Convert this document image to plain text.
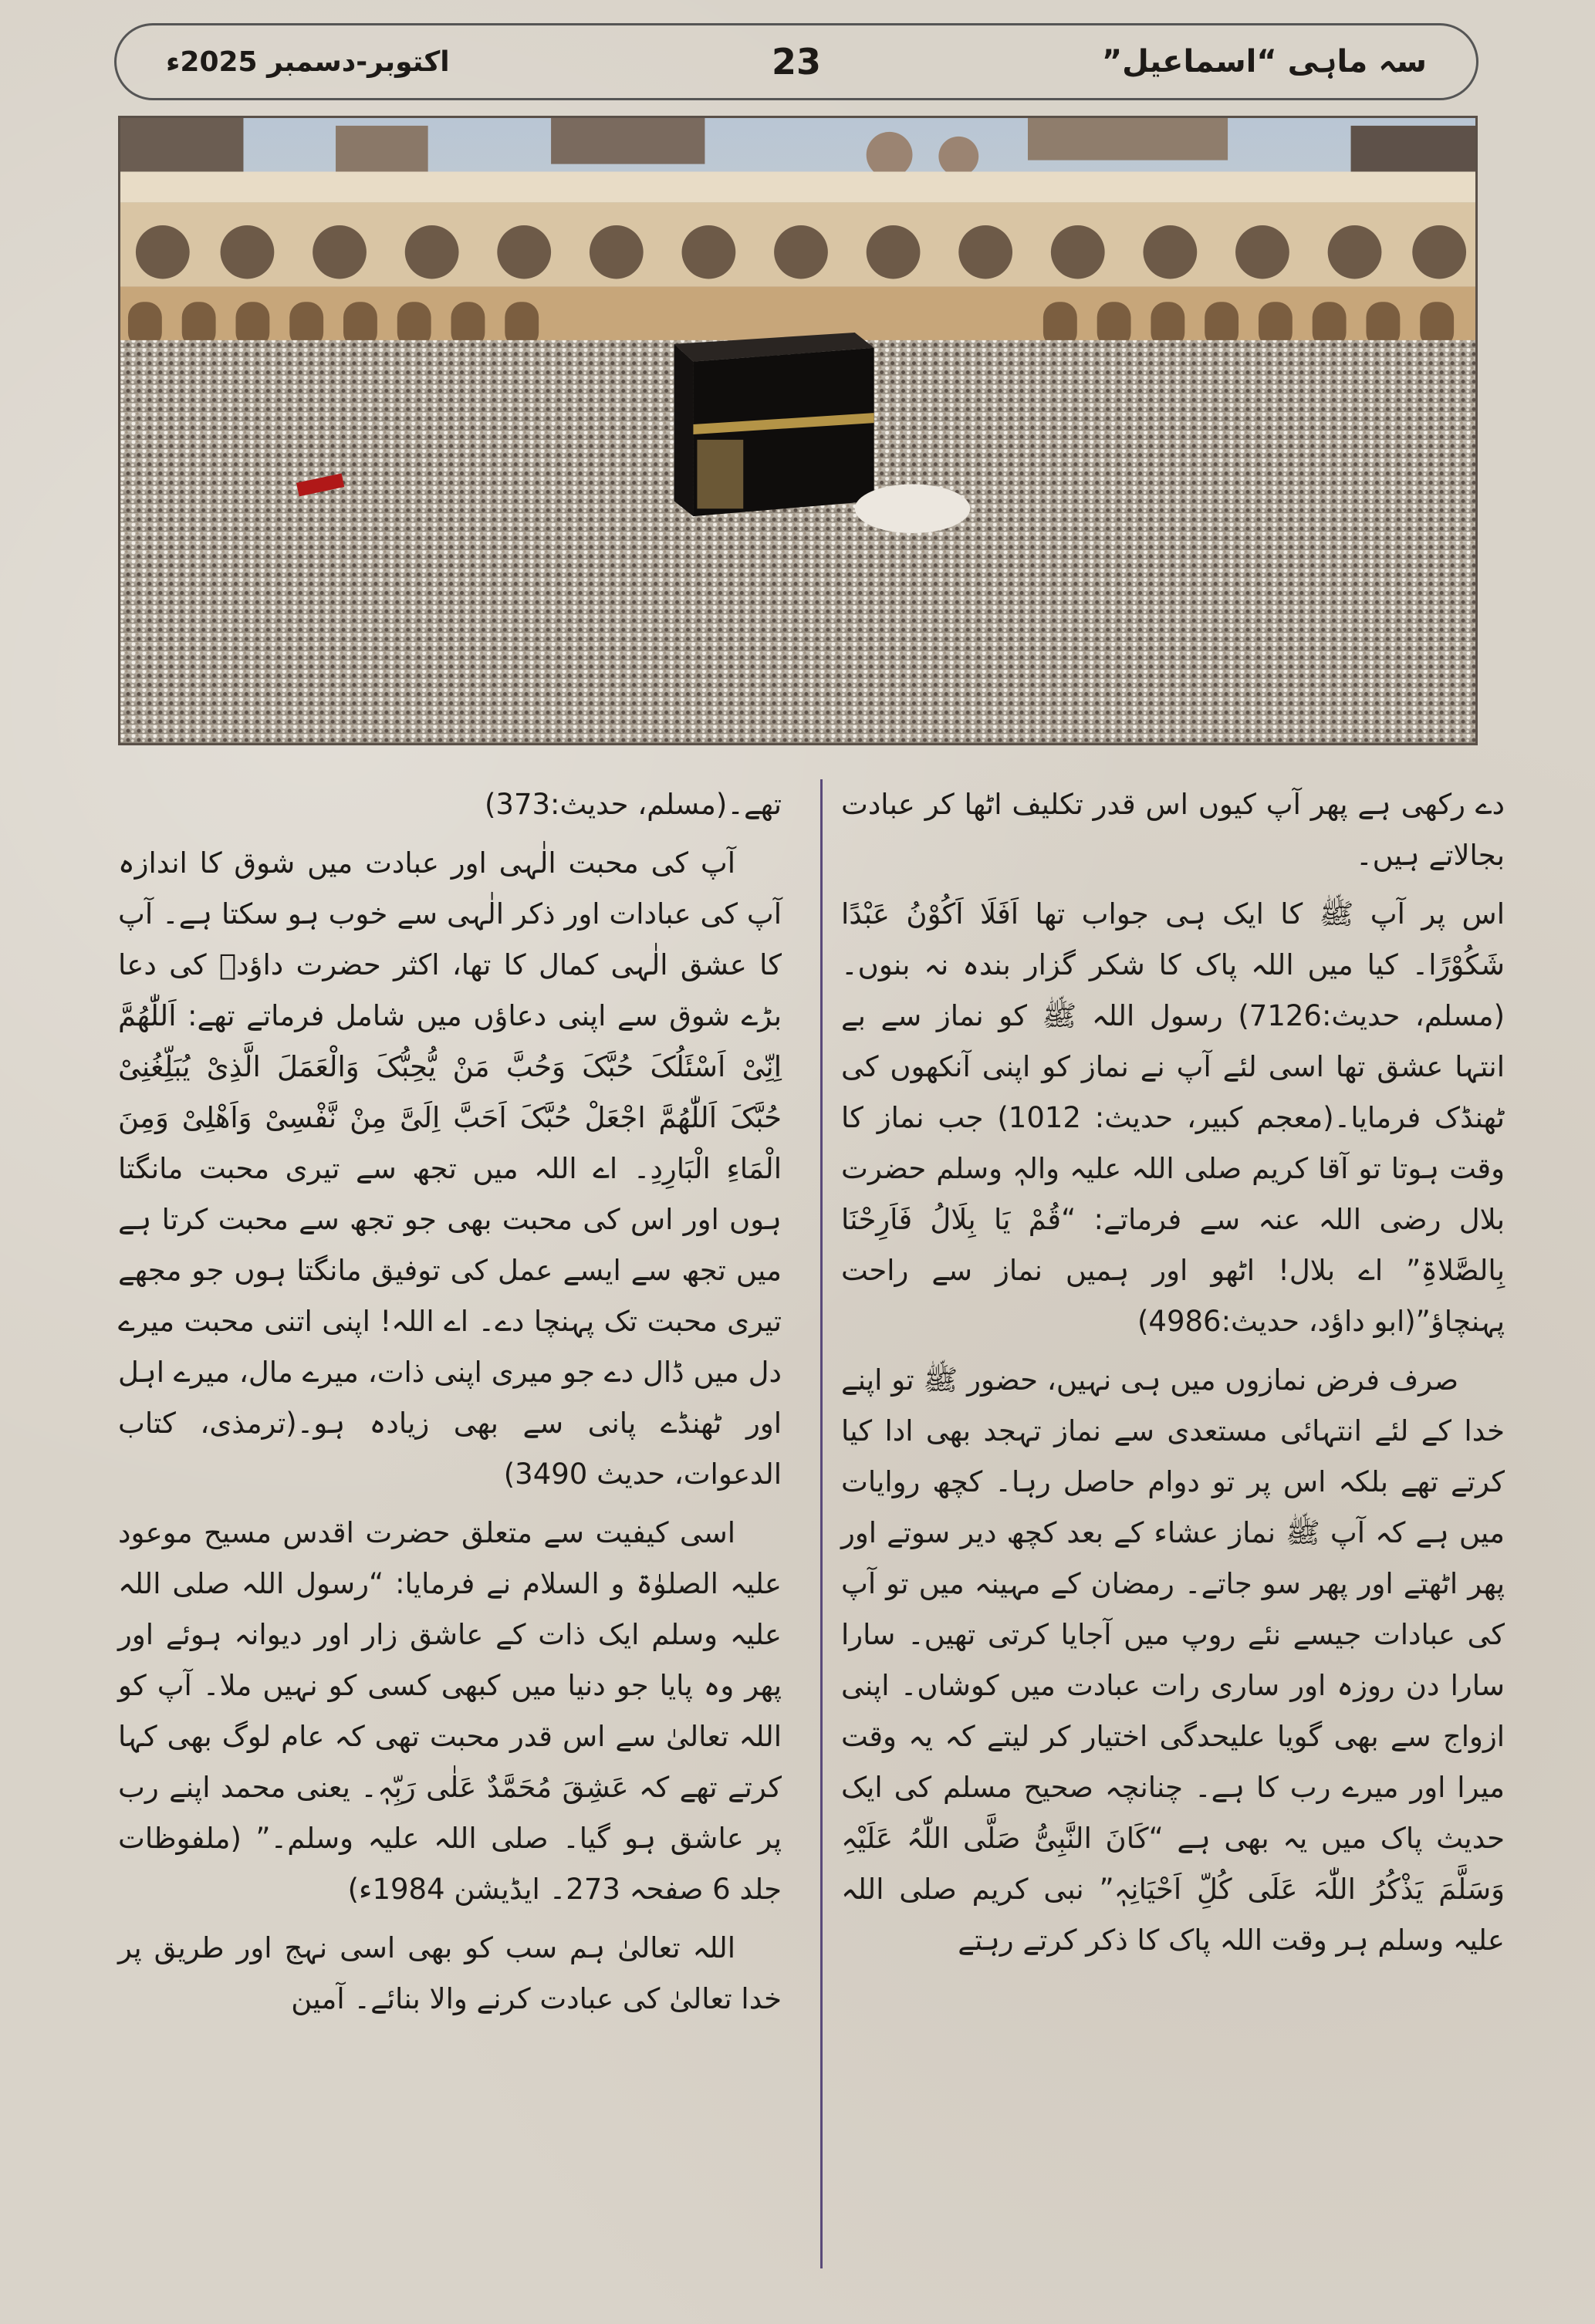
سہ ماہی “اسماعیل”
23
اکتوبر-دسمبر 2025ء

دے رکھی ہے پھر آپ کیوں اس قدر تکلیف اٹھا کر عبادت بجالاتے ہیں۔

اس پر آپ ﷺ کا ایک ہی جواب تھا اَفَلَا اَکُوْنُ عَبْدًا شَکُوْرًا۔ کیا میں اللہ پاک کا شکر گزار بندہ نہ بنوں۔(مسلم، حدیث:7126) رسول اللہ ﷺ کو نماز سے بے انتہا عشق تھا اسی لئے آپ نے نماز کو اپنی آنکھوں کی ٹھنڈک فرمایا۔(معجم کبیر، حدیث: 1012) جب نماز کا وقت ہوتا تو آقا کریم صلی اللہ علیہ والہٖ وسلم حضرت بلال رضی اللہ عنہ سے فرماتے: “قُمْ یَا بِلَالُ فَاَرِحْنَا بِالصَّلاۃِ” اے بلال! اٹھو اور ہمیں نماز سے راحت پہنچاؤ”(ابو داؤد، حدیث:4986)

صرف فرض نمازوں میں ہی نہیں، حضور ﷺ تو اپنے خدا کے لئے انتہائی مستعدی سے نماز تہجد بھی ادا کیا کرتے تھے بلکہ اس پر تو دوام حاصل رہا۔ کچھ روایات میں ہے کہ آپ ﷺ نماز عشاء کے بعد کچھ دیر سوتے اور پھر اٹھتے اور پھر سو جاتے۔ رمضان کے مہینہ میں تو آپ کی عبادات جیسے نئے روپ میں آجایا کرتی تھیں۔ سارا سارا دن روزہ اور ساری رات عبادت میں کوشاں۔ اپنی ازواج سے بھی گویا علیحدگی اختیار کر لیتے کہ یہ وقت میرا اور میرے رب کا ہے۔ چنانچہ صحیح مسلم کی ایک حدیث پاک میں یہ بھی ہے “کَانَ النَّبِیُّ صَلَّی اللّٰہُ عَلَیْہِ وَسَلَّمَ یَذْکُرُ اللّٰہَ عَلَی کُلِّ اَحْیَانِہٖ” نبی کریم صلی اللہ علیہ وسلم ہر وقت اللہ پاک کا ذکر کرتے رہتے

تھے۔(مسلم، حدیث:373)

آپ کی محبت الٰہی اور عبادت میں شوق کا اندازہ آپ کی عبادات اور ذکر الٰہی سے خوب ہو سکتا ہے۔ آپ کا عشق الٰہی کمال کا تھا، اکثر حضرت داؤدؑ کی دعا بڑے شوق سے اپنی دعاؤں میں شامل فرماتے تھے: اَللّٰھُمَّ اِنِّیْ اَسْئَلُکَ حُبَّکَ وَحُبَّ مَنْ یُّحِبُّکَ وَالْعَمَلَ الَّذِیْ یُبَلِّغُنِیْ حُبَّکَ اَللّٰھُمَّ اجْعَلْ حُبَّکَ اَحَبَّ اِلَیَّ مِنْ نَّفْسِیْ وَاَھْلِیْ وَمِنَ الْمَاءِ الْبَارِدِ۔ اے اللہ میں تجھ سے تیری محبت مانگتا ہوں اور اس کی محبت بھی جو تجھ سے محبت کرتا ہے میں تجھ سے ایسے عمل کی توفیق مانگتا ہوں جو مجھے تیری محبت تک پہنچا دے۔ اے اللہ! اپنی اتنی محبت میرے دل میں ڈال دے جو میری اپنی ذات، میرے مال، میرے اہل اور ٹھنڈے پانی سے بھی زیادہ ہو۔(ترمذی، کتاب الدعوات، حدیث 3490)

اسی کیفیت سے متعلق حضرت اقدس مسیح موعود علیہ الصلوٰۃ و السلام نے فرمایا: “رسول اللہ صلی اللہ علیہ وسلم ایک ذات کے عاشق زار اور دیوانہ ہوئے اور پھر وہ پایا جو دنیا میں کبھی کسی کو نہیں ملا۔ آپ کو اللہ تعالیٰ سے اس قدر محبت تھی کہ عام لوگ بھی کہا کرتے تھے کہ عَشِقَ مُحَمَّدٌ عَلٰی رَبِّہٖ۔ یعنی محمد اپنے رب پر عاشق ہو گیا۔ صلی اللہ علیہ وسلم۔” (ملفوظات جلد 6 صفحہ 273۔ ایڈیشن 1984ء)

اللہ تعالیٰ ہم سب کو بھی اسی نہج اور طریق پر خدا تعالیٰ کی عبادت کرنے والا بنائے۔ آمین
